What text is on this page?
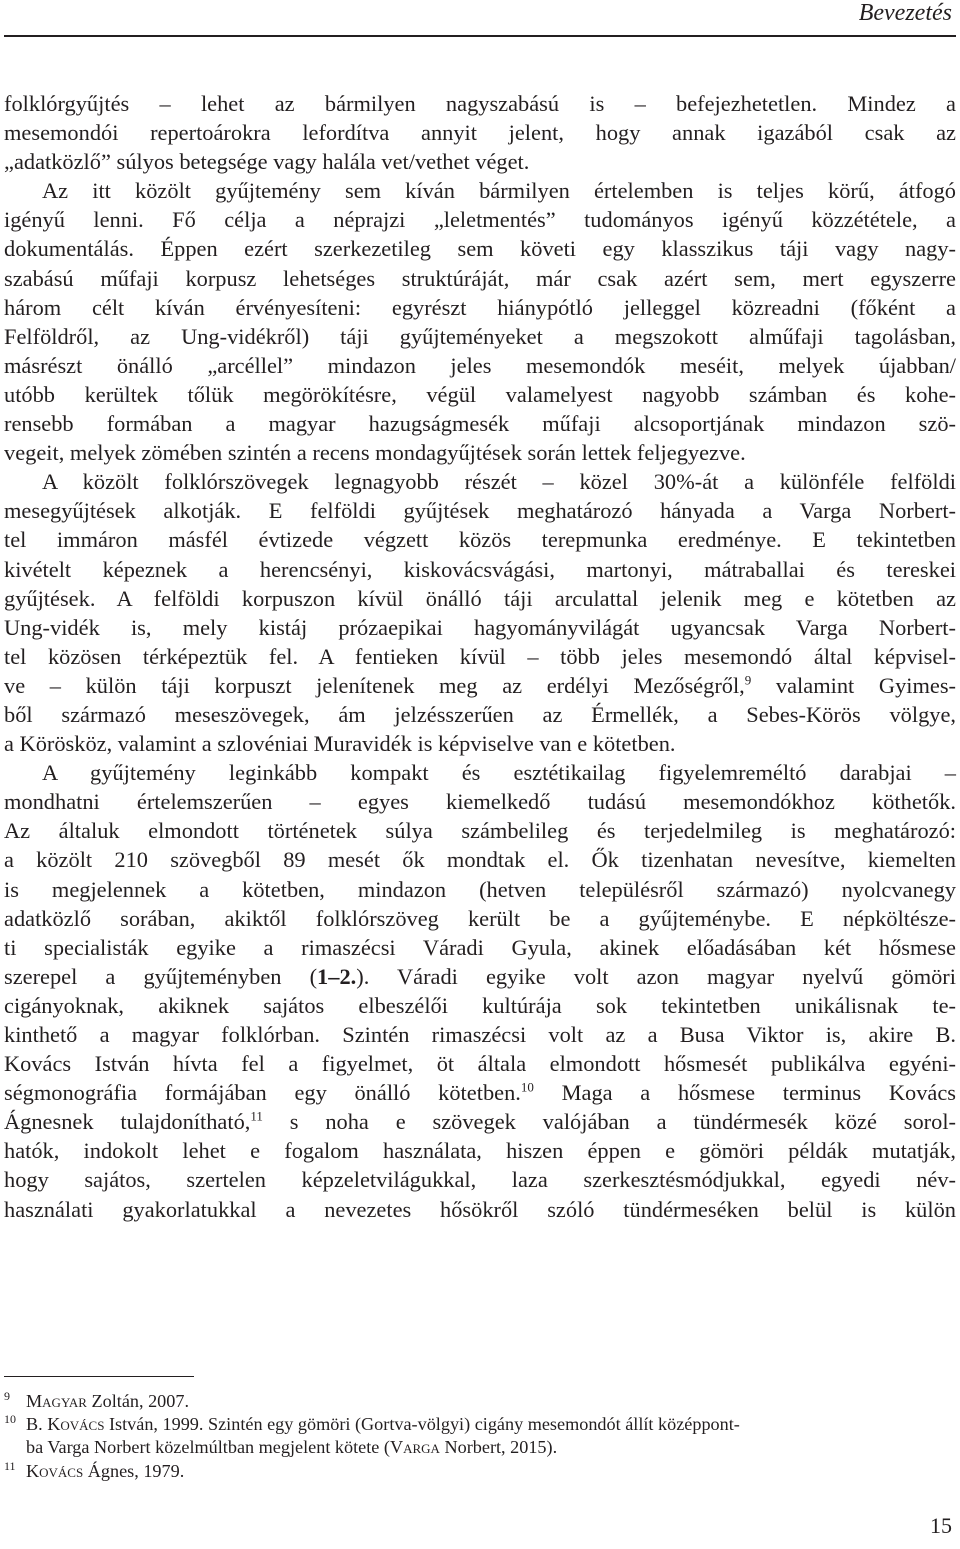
Bevezetés
folklórgyűjtés – lehet az bármilyen nagyszabású is – befejezhetetlen. Mindez a
mesemondói repertoárokra lefordítva annyit jelent, hogy annak igazából csak az
„adatközlő” súlyos betegsége vagy halála vet/vethet véget.
Az itt közölt gyűjtemény sem kíván bármilyen értelemben is teljes körű, átfogó
igényű lenni. Fő célja a néprajzi „leletmentés” tudományos igényű közzététele, a
dokumentálás. Éppen ezért szerkezetileg sem követi egy klasszikus táji vagy nagy-
szabású műfaji korpusz lehetséges struktúráját, már csak azért sem, mert egyszerre
három célt kíván érvényesíteni: egyrészt hiánypótló jelleggel közreadni (főként a
Felföldről, az Ung-vidékről) táji gyűjteményeket a megszokott alműfaji tagolásban,
másrészt önálló „arcéllel” mindazon jeles mesemondók meséit, melyek újabban/
utóbb kerültek tőlük megörökítésre, végül valamelyest nagyobb számban és kohe-
rensebb formában a magyar hazugságmesék műfaji alcsoportjának mindazon szö-
vegeit, melyek zömében szintén a recens mondagyűjtések során lettek feljegyezve.
A közölt folklórszövegek legnagyobb részét – közel 30%-át a különféle felföldi
mesegyűjtések alkotják. E felföldi gyűjtések meghatározó hányada a Varga Norbert-
tel immáron másfél évtizede végzett közös terepmunka eredménye. E tekintetben
kivételt képeznek a herencsényi, kiskovácsvágási, martonyi, mátraballai és tereskei
gyűjtések. A felföldi korpuszon kívül önálló táji arculattal jelenik meg e kötetben az
Ung-vidék is, mely kistáj prózaepikai hagyományvilágát ugyancsak Varga Norbert-
tel közösen térképeztük fel. A fentieken kívül – több jeles mesemondó által képvisel-
ve – külön táji korpuszt jelenítenek meg az erdélyi Mezőségről,$^9$ valamint Gyimes-
ből származó meseszövegek, ám jelzésszerűen az Érmellék, a Sebes-Körös völgye,
a Körösköz, valamint a szlovéniai Muravidék is képviselve van e kötetben.
A gyűjtemény leginkább kompakt és esztétikailag figyelemreméltó darabjai –
mondhatni értelemszerűen – egyes kiemelkedő tudású mesemondókhoz köthetők.
Az általuk elmondott történetek súlya számbelileg és terjedelmileg is meghatározó:
a közölt 210 szövegből 89 mesét ők mondtak el. Ők tizenhatan nevesítve, kiemelten
is megjelennek a kötetben, mindazon (hetven településről származó) nyolcvanegy
adatközlő sorában, akiktől folklórszöveg került be a gyűjteménybe. E népköltésze-
ti specialisták egyike a rimaszécsi Váradi Gyula, akinek előadásában két hősmese
szerepel a gyűjteményben (1–2.). Váradi egyike volt azon magyar nyelvű gömöri
cigányoknak, akiknek sajátos elbeszélői kultúrája sok tekintetben unikálisnak te-
kinthető a magyar folklórban. Szintén rimaszécsi volt az a Busa Viktor is, akire B.
Kovács István hívta fel a figyelmet, öt általa elmondott hősmesét publikálva egyéni-
ségmonográfia formájában egy önálló kötetben.$^{10}$ Maga a hősmese terminus Kovács
Ágnesnek tulajdonítható,$^{11}$ s noha e szövegek valójában a tündérmesék közé sorol-
hatók, indokolt lehet e fogalom használata, hiszen éppen e gömöri példák mutatják,
hogy sajátos, szertelen képzeletvilágukkal, laza szerkesztésmódjukkal, egyedi név-
használati gyakorlatukkal a nevezetes hősökről szóló tündérmeséken belül is külön
9 Magyar Zoltán, 2007.
10 B. Kovács István, 1999. Szintén egy gömöri (Gortva-völgyi) cigány mesemondót állít középpont-
ba Varga Norbert közelmúltban megjelent kötete (Varga Norbert, 2015).
11 Kovács Ágnes, 1979.
15
